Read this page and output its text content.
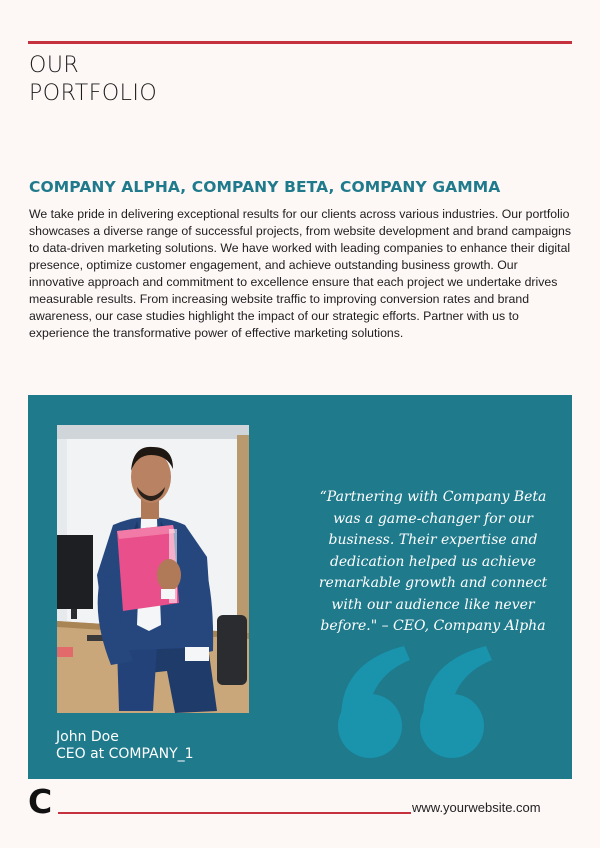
OUR
PORTFOLIO
COMPANY ALPHA, COMPANY BETA, COMPANY GAMMA

We take pride in delivering exceptional results for our clients across various industries. Our portfolio showcases a diverse range of successful projects, from website development and brand campaigns to data-driven marketing solutions. We have worked with leading companies to enhance their digital presence, optimize customer engagement, and achieve outstanding business growth. Our innovative approach and commitment to excellence ensure that each project we undertake drives measurable results. From increasing website traffic to improving conversion rates and brand awareness, our case studies highlight the impact of our strategic efforts. Partner with us to experience the transformative power of effective marketing solutions.

“Partnering with Company Beta was a game-changer for our business. Their expertise and dedication helped us achieve remarkable growth and connect with our audience like never before." – CEO, Company Alpha

John Doe

CEO at COMPANY_1

C	www.yourwebsite.com
